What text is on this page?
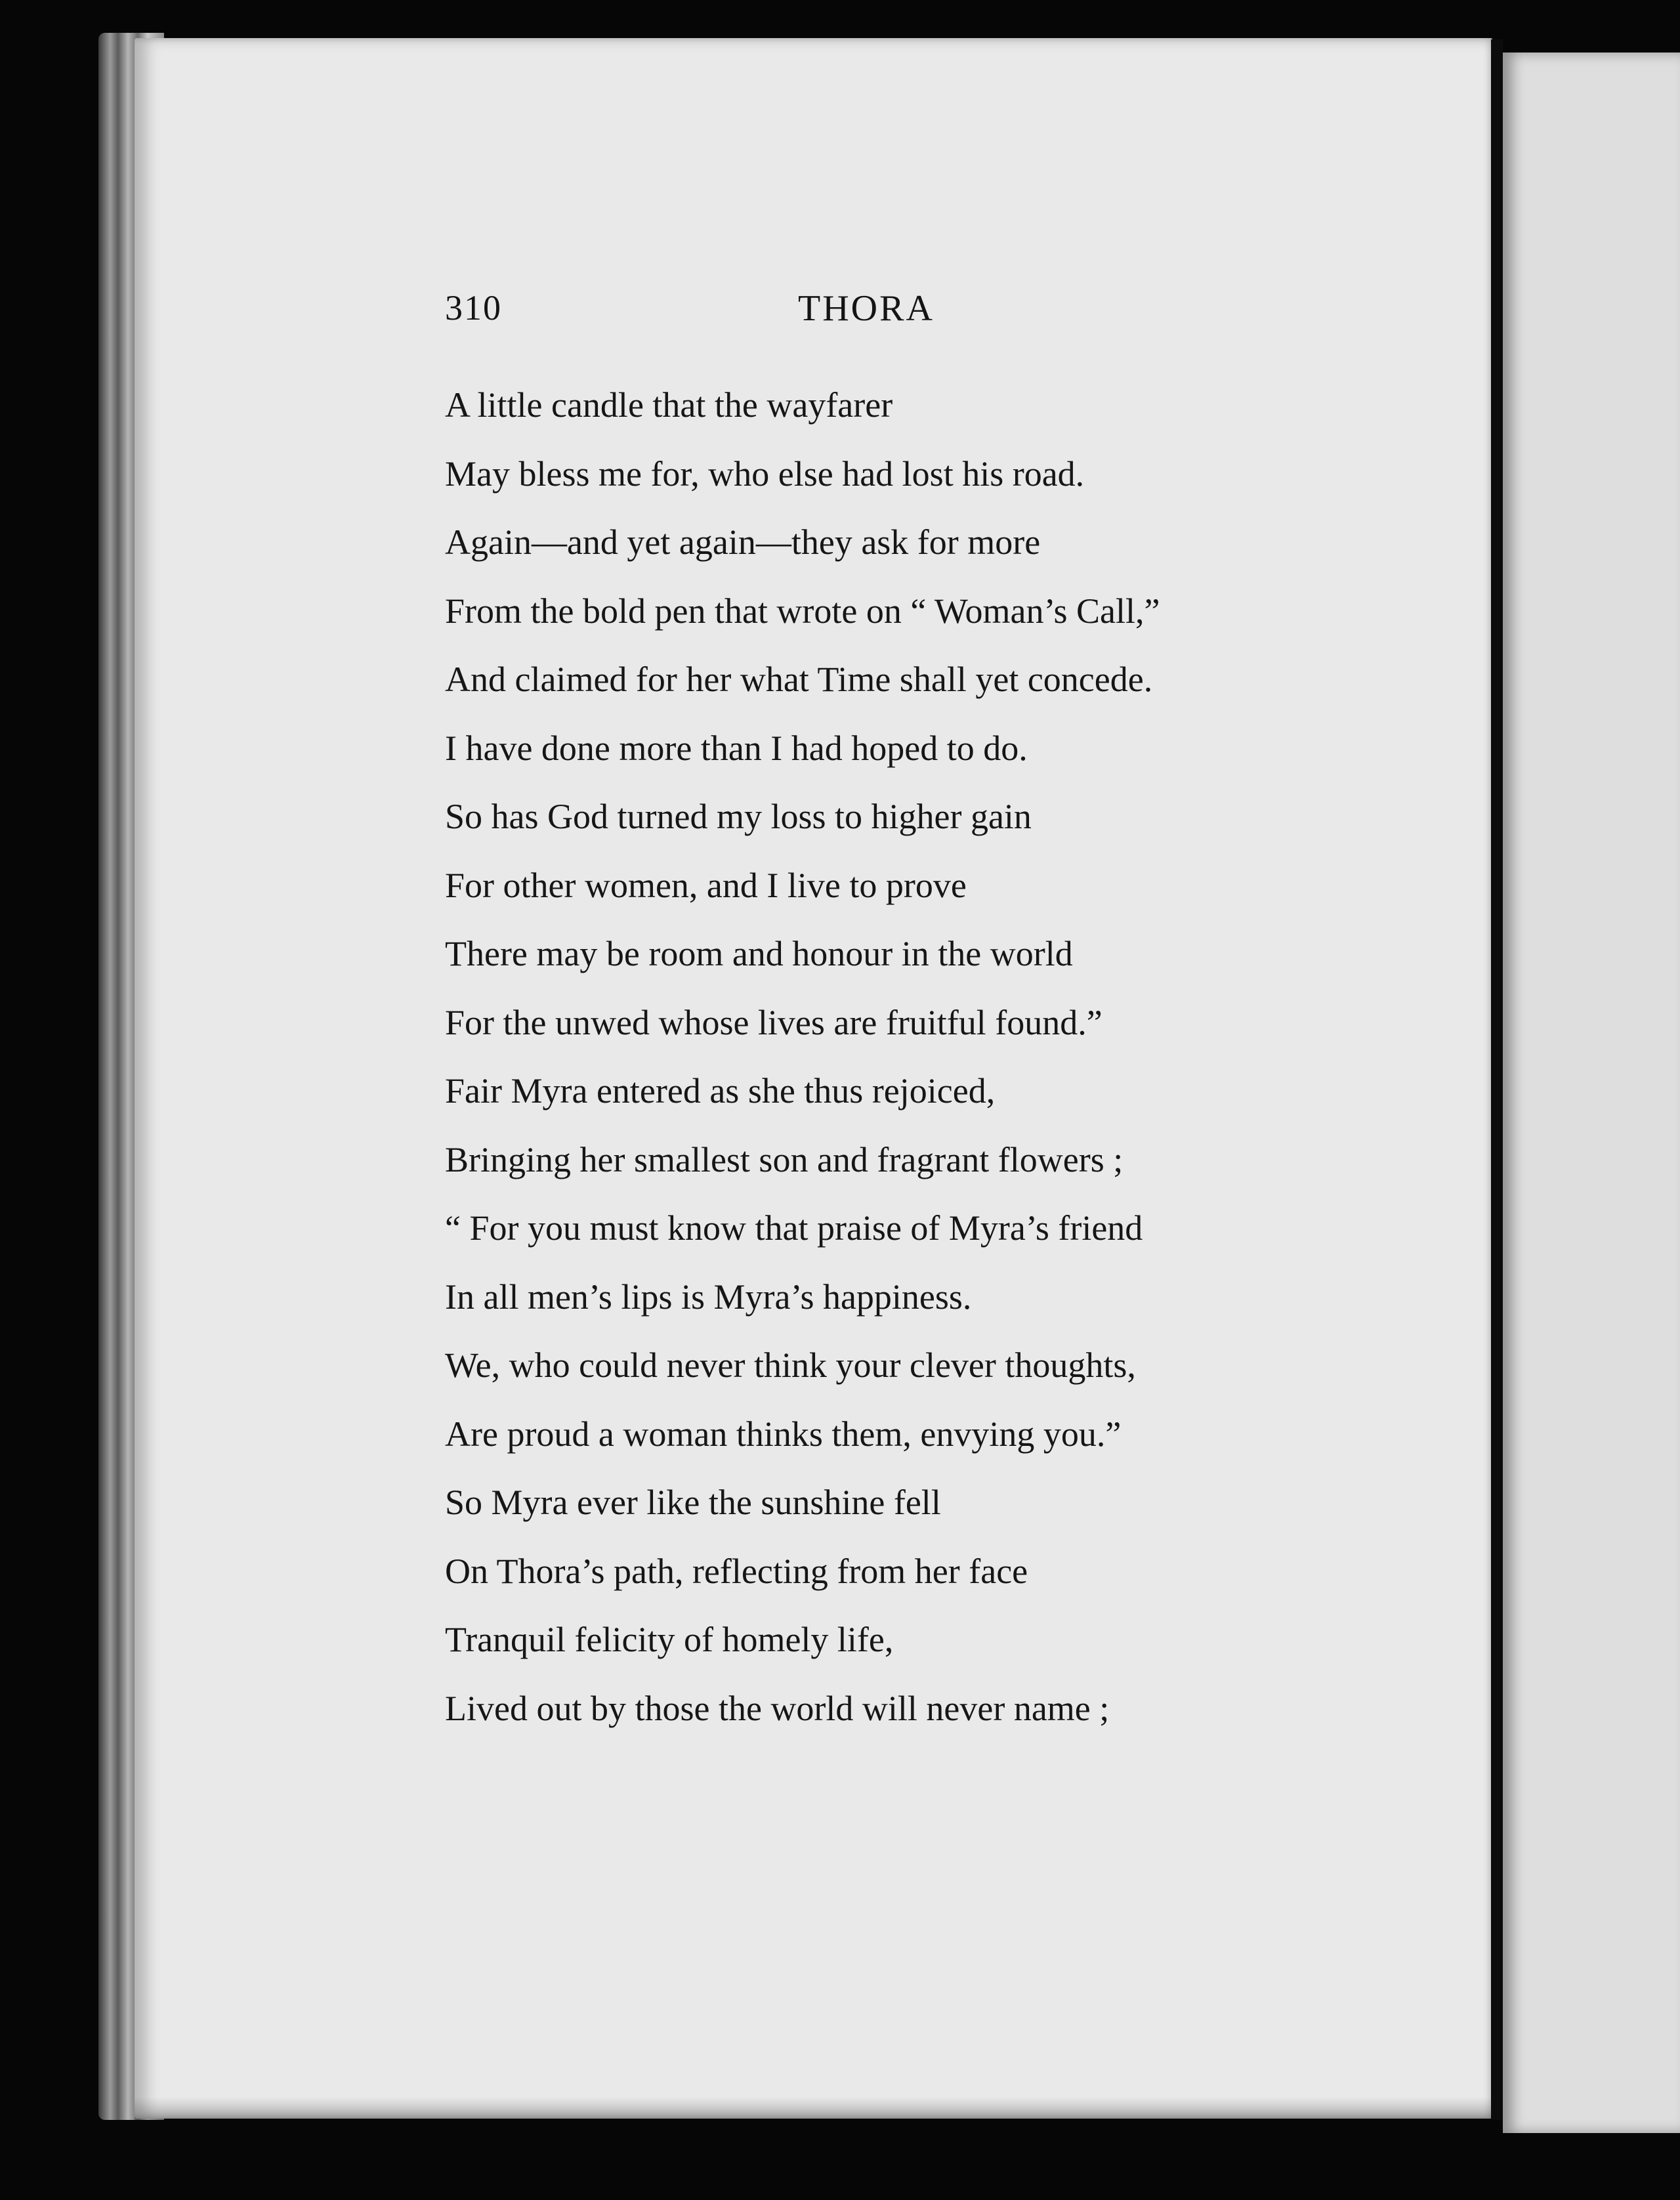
310	THORA
A little candle that the wayfarer
May bless me for, who else had lost his road.
Again—and yet again—they ask for more
From the bold pen that wrote on “ Woman’s Call,”
And claimed for her what Time shall yet concede.
I have done more than I had hoped to do.
So has God turned my loss to higher gain
For other women, and I live to prove
There may be room and honour in the world
For the unwed whose lives are fruitful found.”
Fair Myra entered as she thus rejoiced,
Bringing her smallest son and fragrant flowers ;
“ For you must know that praise of Myra’s friend
In all men’s lips is Myra’s happiness.
We, who could never think your clever thoughts,
Are proud a woman thinks them, envying you.”
So Myra ever like the sunshine fell
On Thora’s path, reflecting from her face
Tranquil felicity of homely life,
Lived out by those the world will never name ;
